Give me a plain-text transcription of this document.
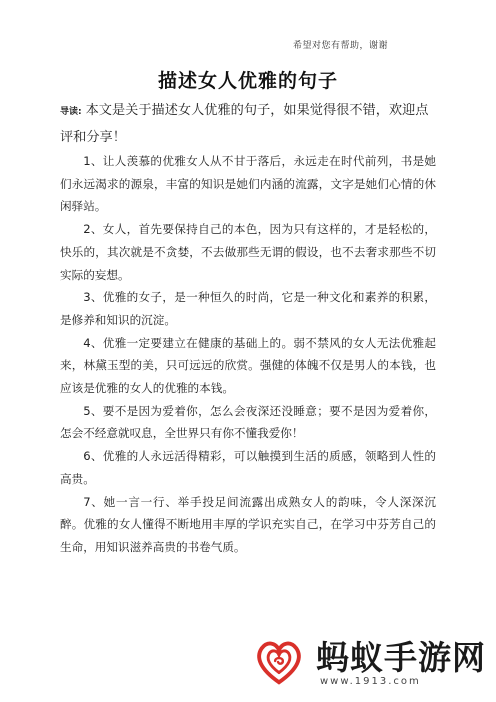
希望对您有帮助，谢谢
描述女人优雅的句子
导读: 本文是关于描述女人优雅的句子，如果觉得很不错，欢迎点评和分享！

1、让人羡慕的优雅女人从不甘于落后，永远走在时代前列，书是她们永远渴求的源泉，丰富的知识是她们内涵的流露，文字是她们心情的休闲驿站。

2、女人，首先要保持自己的本色，因为只有这样的，才是轻松的，快乐的，其次就是不贪婪，不去做那些无谓的假设，也不去奢求那些不切实际的妄想。

3、优雅的女子，是一种恒久的时尚，它是一种文化和素养的积累，是修养和知识的沉淀。

4、优雅一定要建立在健康的基础上的。弱不禁风的女人无法优雅起来，林黛玉型的美，只可远远的欣赏。强健的体魄不仅是男人的本钱，也应该是优雅的女人的优雅的本钱。

5、要不是因为爱着你，怎么会夜深还没睡意；要不是因为爱着你，怎会不经意就叹息，全世界只有你不懂我爱你！

6、优雅的人永远活得精彩，可以触摸到生活的质感，领略到人性的高贵。

7、她一言一行、举手投足间流露出成熟女人的韵味，令人深深沉醉。优雅的女人懂得不断地用丰厚的学识充实自己，在学习中芬芳自己的生命，用知识滋养高贵的书卷气质。

蚂蚁手游网
www.1913.com
